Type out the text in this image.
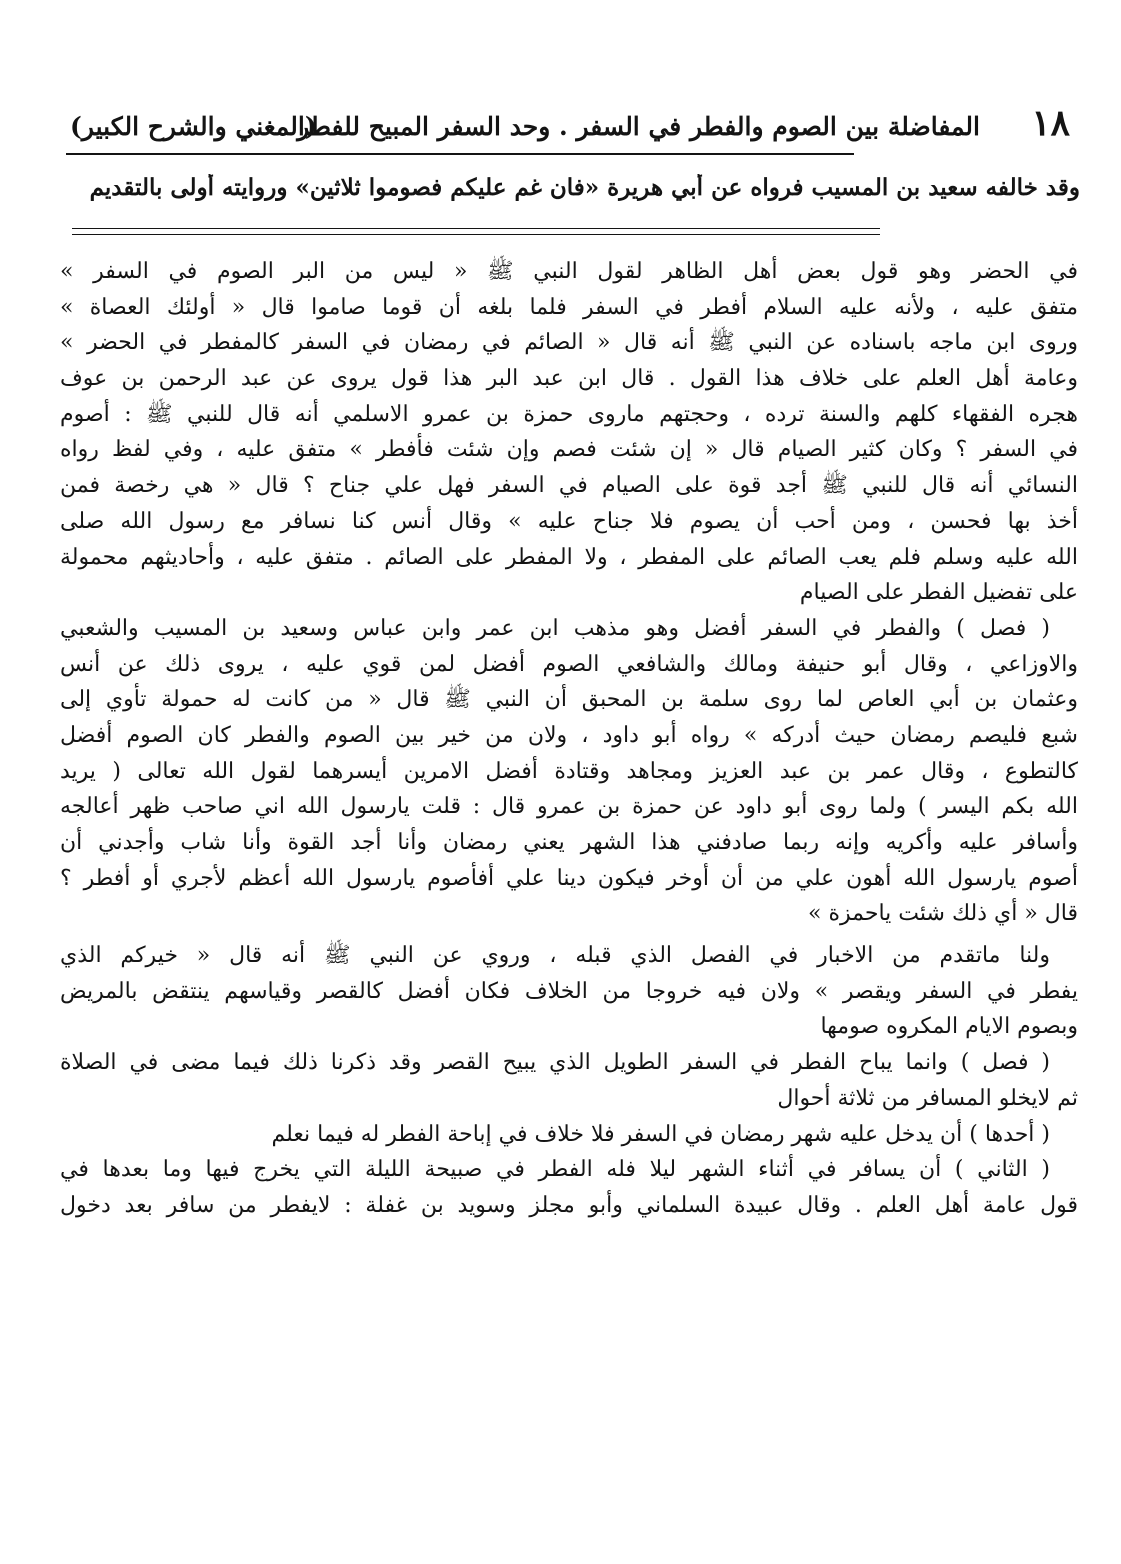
١٨
المفاضلة بين الصوم والفطر في السفر . وحد السفر المبيح للفطر
(المغني والشرح الكبير)
وقد خالفه سعيد بن المسيب فرواه عن أبي هريرة «فان غم عليكم فصوموا ثلاثين» وروايته أولى بالتقديم
في الحضر وهو قول بعض أهل الظاهر لقول النبي ﷺ « ليس من البر الصوم في السفر »
متفق عليه ، ولأنه عليه السلام أفطر في السفر فلما بلغه أن قوما صاموا قال « أولئك العصاة »
وروى ابن ماجه باسناده عن النبي ﷺ أنه قال « الصائم في رمضان في السفر كالمفطر في الحضر »
وعامة أهل العلم على خلاف هذا القول . قال ابن عبد البر هذا قول يروى عن عبد الرحمن بن عوف
هجره الفقهاء كلهم والسنة ترده ، وحجتهم ماروى حمزة بن عمرو الاسلمي أنه قال للنبي ﷺ : أصوم
في السفر ؟ وكان كثير الصيام قال « إن شئت فصم وإن شئت فأفطر » متفق عليه ، وفي لفظ رواه
النسائي أنه قال للنبي ﷺ أجد قوة على الصيام في السفر فهل علي جناح ؟ قال « هي رخصة فمن
أخذ بها فحسن ، ومن أحب أن يصوم فلا جناح عليه » وقال أنس كنا نسافر مع رسول الله صلى
الله عليه وسلم فلم يعب الصائم على المفطر ، ولا المفطر على الصائم . متفق عليه ، وأحاديثهم محمولة
على تفضيل الفطر على الصيام
( فصل ) والفطر في السفر أفضل وهو مذهب ابن عمر وابن عباس وسعيد بن المسيب والشعبي
والاوزاعي ، وقال أبو حنيفة ومالك والشافعي الصوم أفضل لمن قوي عليه ، يروى ذلك عن أنس
وعثمان بن أبي العاص لما روى سلمة بن المحبق أن النبي ﷺ قال « من كانت له حمولة تأوي إلى
شبع فليصم رمضان حيث أدركه » رواه أبو داود ، ولان من خير بين الصوم والفطر كان الصوم أفضل
كالتطوع ، وقال عمر بن عبد العزيز ومجاهد وقتادة أفضل الامرين أيسرهما لقول الله تعالى ( يريد
الله بكم اليسر ) ولما روى أبو داود عن حمزة بن عمرو قال : قلت يارسول الله اني صاحب ظهر أعالجه
وأسافر عليه وأكريه وإنه ربما صادفني هذا الشهر يعني رمضان وأنا أجد القوة وأنا شاب وأجدني أن
أصوم يارسول الله أهون علي من أن أوخر فيكون دينا علي أفأصوم يارسول الله أعظم لأجري أو أفطر ؟
قال « أي ذلك شئت ياحمزة »
ولنا ماتقدم من الاخبار في الفصل الذي قبله ، وروي عن النبي ﷺ أنه قال « خيركم الذي
يفطر في السفر ويقصر » ولان فيه خروجا من الخلاف فكان أفضل كالقصر وقياسهم ينتقض بالمريض
وبصوم الايام المكروه صومها
( فصل ) وانما يباح الفطر في السفر الطويل الذي يبيح القصر وقد ذكرنا ذلك فيما مضى في الصلاة
ثم لايخلو المسافر من ثلاثة أحوال
( أحدها ) أن يدخل عليه شهر رمضان في السفر فلا خلاف في إباحة الفطر له فيما نعلم
( الثاني ) أن يسافر في أثناء الشهر ليلا فله الفطر في صبيحة الليلة التي يخرج فيها وما بعدها في
قول عامة أهل العلم . وقال عبيدة السلماني وأبو مجلز وسويد بن غفلة : لايفطر من سافر بعد دخول
